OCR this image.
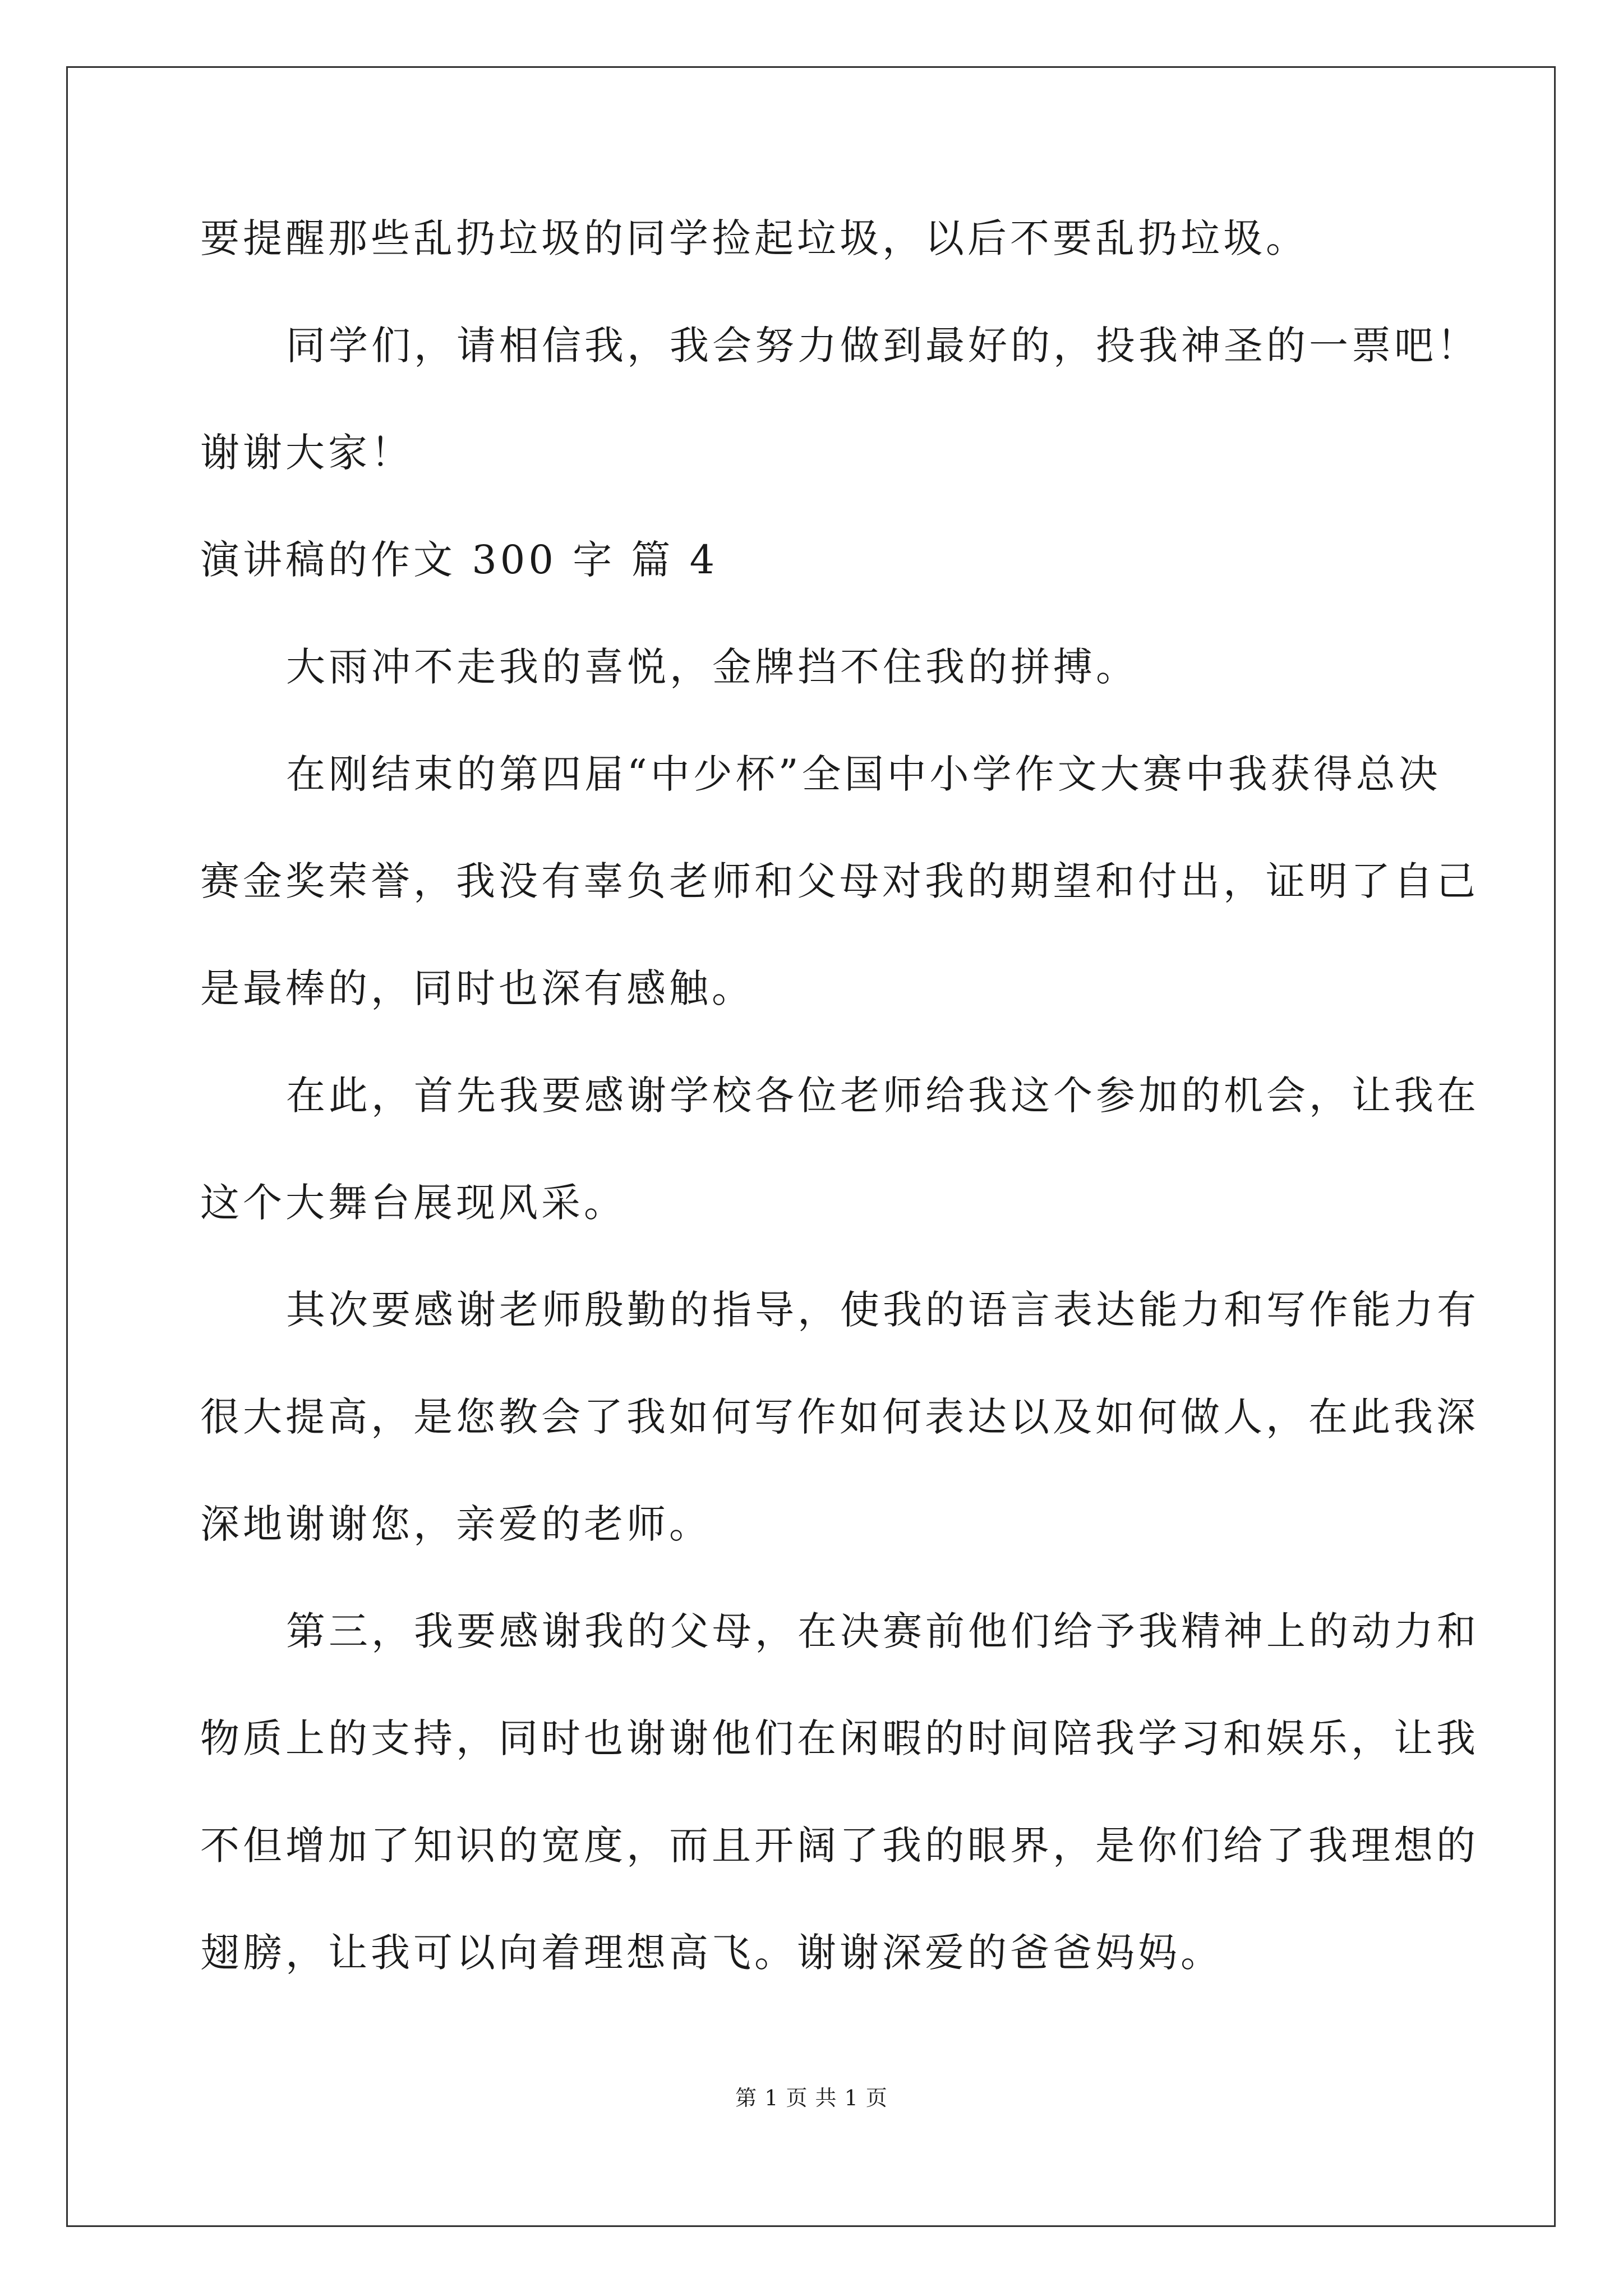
要提醒那些乱扔垃圾的同学捡起垃圾，以后不要乱扔垃圾。
同学们，请相信我，我会努力做到最好的，投我神圣的一票吧！
谢谢大家！
演讲稿的作文 300 字 篇 4
大雨冲不走我的喜悦，金牌挡不住我的拼搏。
在刚结束的第四届“中少杯”全国中小学作文大赛中我获得总决
赛金奖荣誉，我没有辜负老师和父母对我的期望和付出，证明了自己
是最棒的，同时也深有感触。
在此，首先我要感谢学校各位老师给我这个参加的机会，让我在
这个大舞台展现风采。
其次要感谢老师殷勤的指导，使我的语言表达能力和写作能力有
很大提高，是您教会了我如何写作如何表达以及如何做人，在此我深
深地谢谢您，亲爱的老师。
第三，我要感谢我的父母，在决赛前他们给予我精神上的动力和
物质上的支持，同时也谢谢他们在闲暇的时间陪我学习和娱乐，让我
不但增加了知识的宽度，而且开阔了我的眼界，是你们给了我理想的
翅膀，让我可以向着理想高飞。谢谢深爱的爸爸妈妈。
第 1 页 共 1 页
